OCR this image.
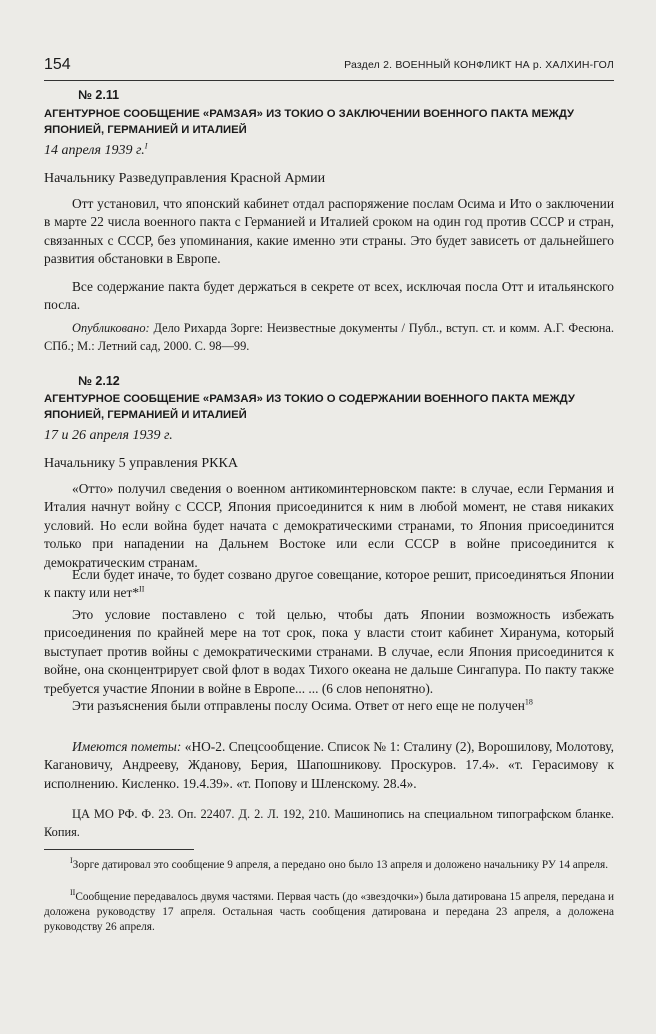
154	Раздел 2. ВОЕННЫЙ КОНФЛИКТ НА р. ХАЛХИН-ГОЛ
№ 2.11
АГЕНТУРНОЕ СООБЩЕНИЕ «РАМЗАЯ» ИЗ ТОКИО О ЗАКЛЮЧЕНИИ ВОЕННОГО ПАКТА МЕЖДУ ЯПОНИЕЙ, ГЕРМАНИЕЙ И ИТАЛИЕЙ
14 апреля 1939 г.$^I$
Начальнику Разведуправления Красной Армии

Отт установил, что японский кабинет отдал распоряжение послам Осима и Ито о заключении в марте 22 числа военного пакта с Германией и Италией сроком на один год против СССР и стран, связанных с СССР, без упоминания, какие именно эти страны. Это будет зависеть от дальнейшего развития обстановки в Европе.

Все содержание пакта будет держаться в секрете от всех, исключая посла Отт и итальянского посла.

Опубликовано: Дело Рихарда Зорге: Неизвестные документы / Публ., вступ. ст. и комм. А.Г. Фесюна. СПб.; М.: Летний сад, 2000. С. 98—99.

№ 2.12
АГЕНТУРНОЕ СООБЩЕНИЕ «РАМЗАЯ» ИЗ ТОКИО О СОДЕРЖАНИИ ВОЕННОГО ПАКТА МЕЖДУ ЯПОНИЕЙ, ГЕРМАНИЕЙ И ИТАЛИЕЙ
17 и 26 апреля 1939 г.
Начальнику 5 управления РККА

«Отто» получил сведения о военном антикоминтерновском пакте: в случае, если Германия и Италия начнут войну с СССР, Япония присоединится к ним в любой момент, не ставя никаких условий. Но если война будет начата с демократическими странами, то Япония присоединится только при нападении на Дальнем Востоке или если СССР в войне присоединится к демократическим странам.

Если будет иначе, то будет созвано другое совещание, которое решит, присоединяться Японии к пакту или нет*$^{II}$

Это условие поставлено с той целью, чтобы дать Японии возможность избежать присоединения по крайней мере на тот срок, пока у власти стоит кабинет Хиранума, который выступает против войны с демократическими странами. В случае, если Япония присоединится к войне, она сконцентрирует свой флот в водах Тихого океана не дальше Сингапура. По пакту также требуется участие Японии в войне в Европе... ... (6 слов непонятно).

Эти разъяснения были отправлены послу Осима. Ответ от него еще не получен$^{18}$

Имеются пометы: «НО-2. Спецсообщение. Список № 1: Сталину (2), Ворошилову, Молотову, Кагановичу, Андрееву, Жданову, Берия, Шапошникову. Проскуров. 17.4». «т. Герасимову к исполнению. Кисленко. 19.4.39». «т. Попову и Шленскому. 28.4».

ЦА МО РФ. Ф. 23. Оп. 22407. Д. 2. Л. 192, 210. Машинопись на специальном типографском бланке. Копия.

$^I$Зорге датировал это сообщение 9 апреля, а передано оно было 13 апреля и доложено начальнику РУ 14 апреля.

$^{II}$Сообщение передавалось двумя частями. Первая часть (до «звездочки») была датирована 15 апреля, передана и доложена руководству 17 апреля. Остальная часть сообщения датирована и передана 23 апреля, а доложена руководству 26 апреля.
